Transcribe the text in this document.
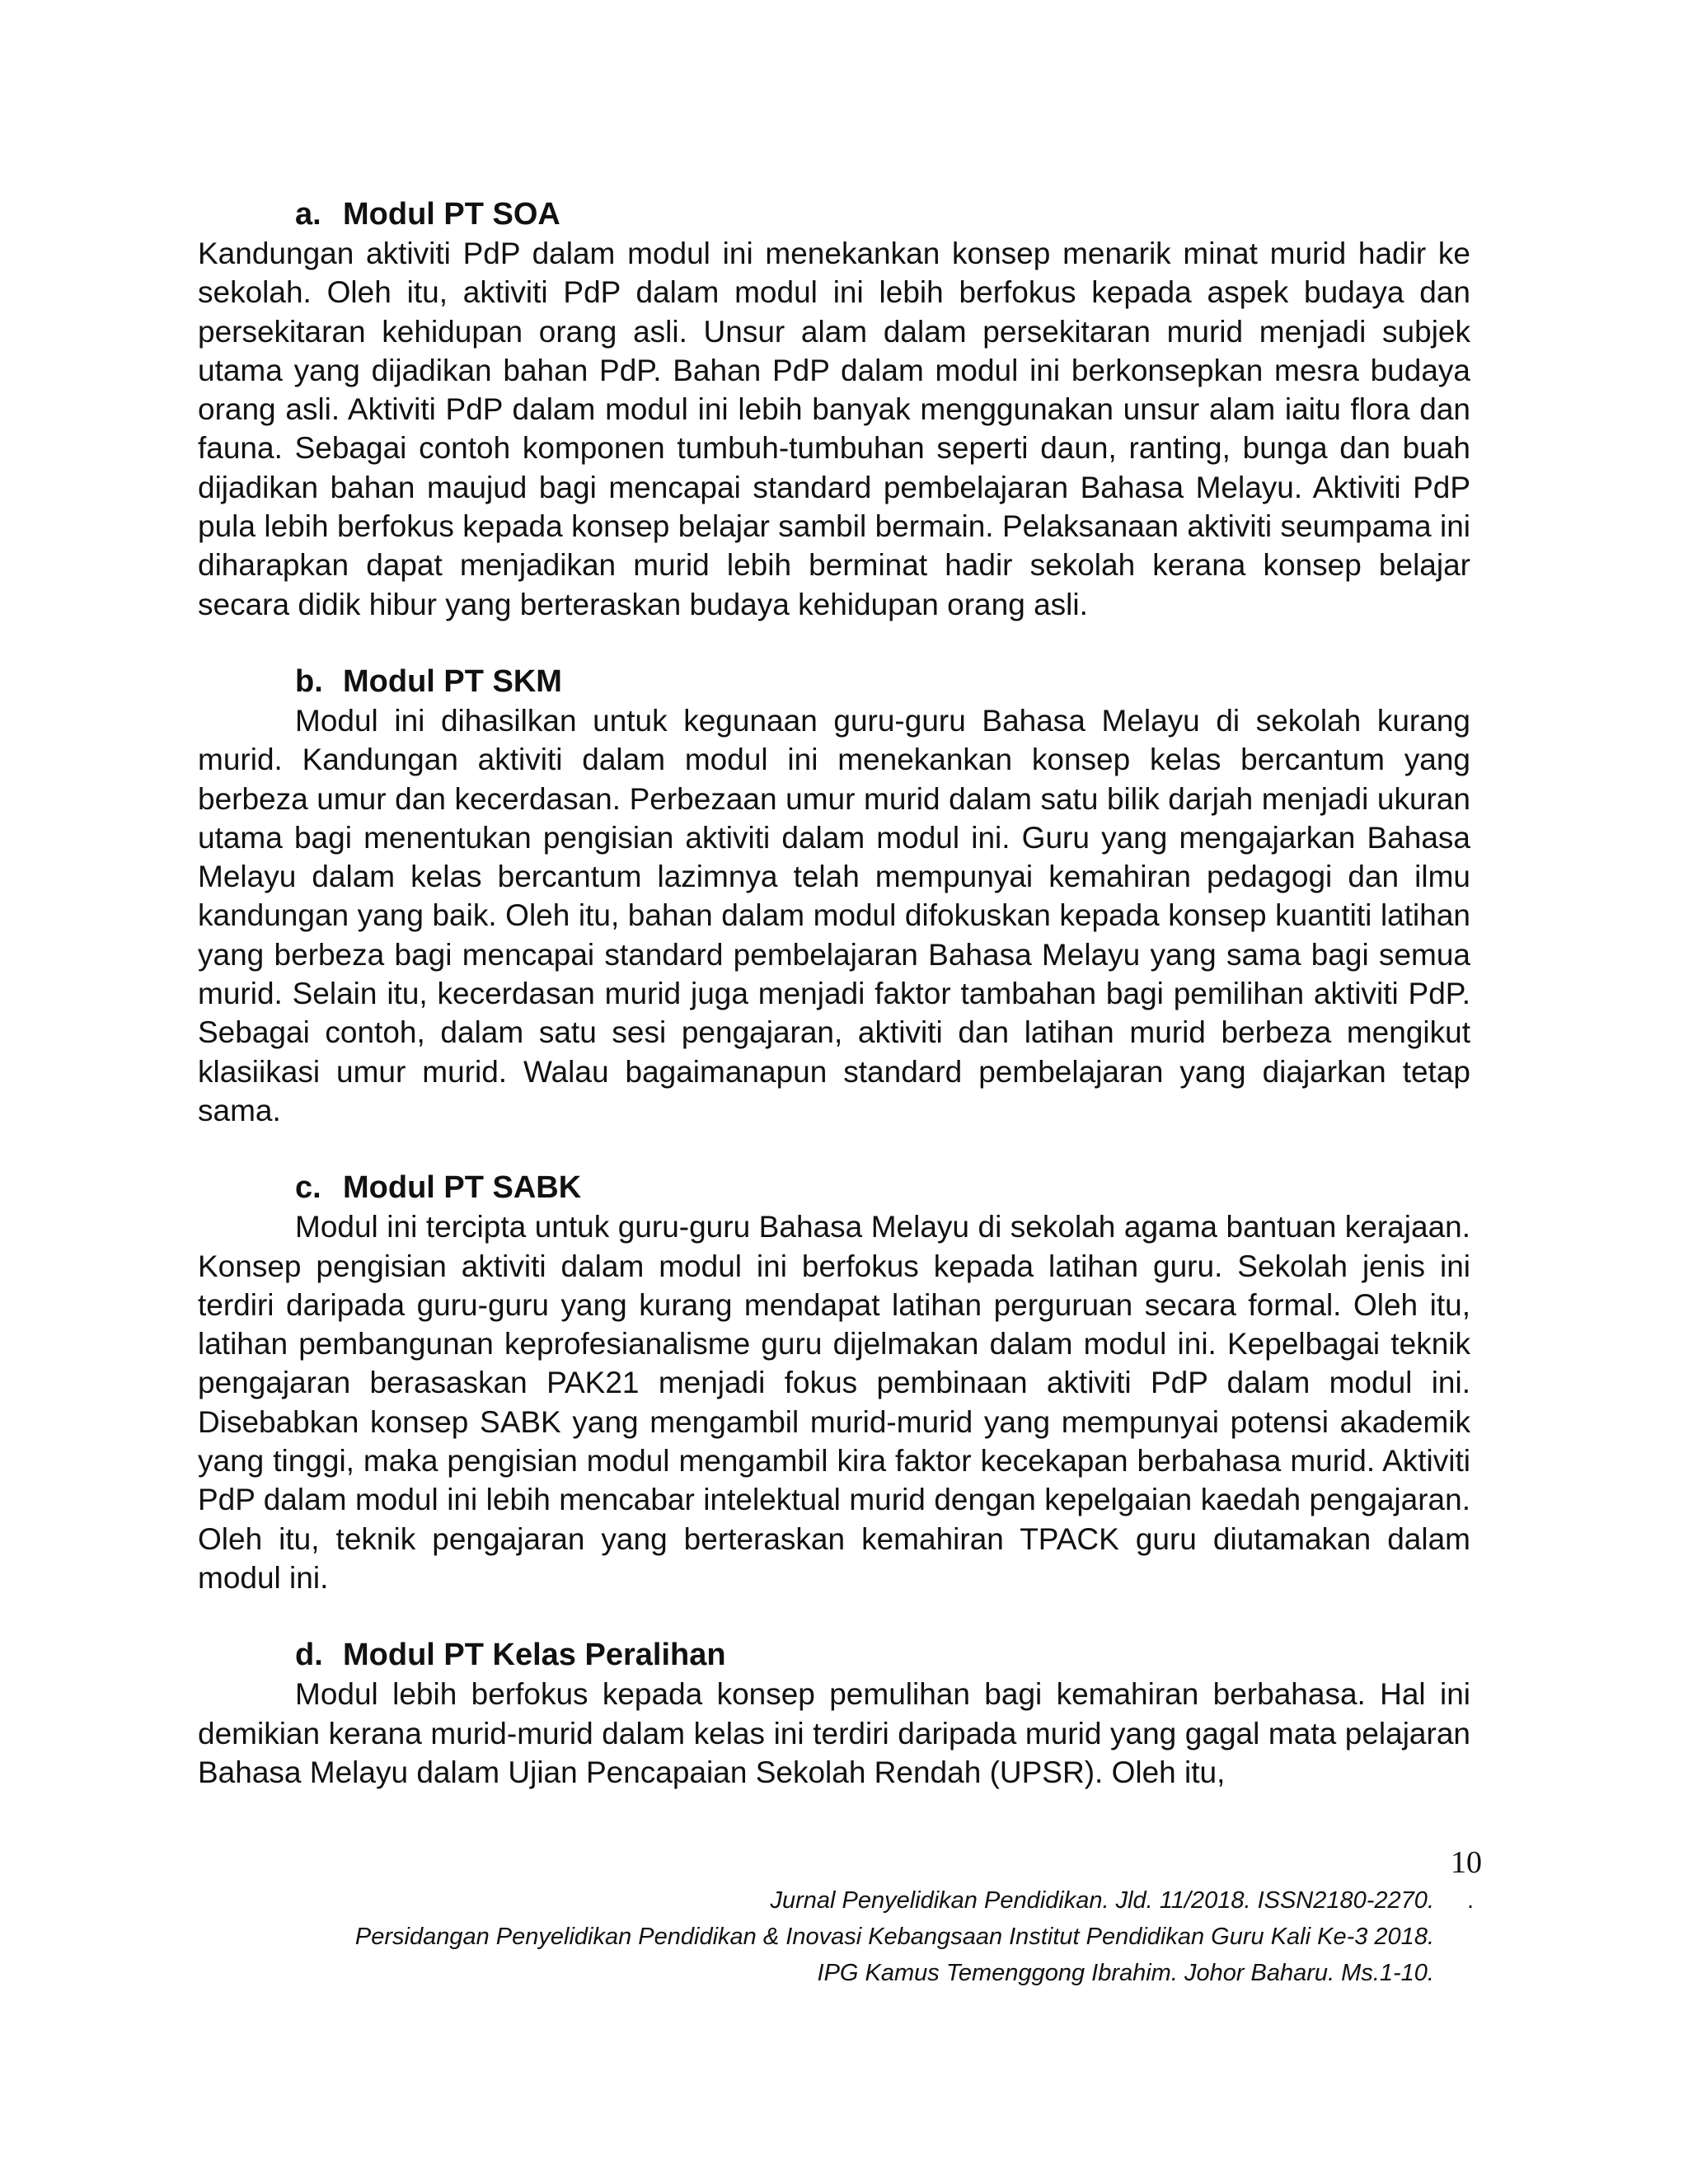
a. Modul PT SOA

Kandungan aktiviti PdP dalam modul ini menekankan konsep menarik minat murid hadir ke sekolah. Oleh itu, aktiviti PdP dalam modul ini lebih berfokus kepada aspek budaya dan persekitaran kehidupan orang asli. Unsur alam dalam persekitaran murid menjadi subjek utama yang dijadikan bahan PdP. Bahan PdP dalam modul ini berkonsepkan mesra budaya orang asli. Aktiviti PdP dalam modul ini lebih banyak menggunakan unsur alam iaitu flora dan fauna. Sebagai contoh komponen tumbuh-tumbuhan seperti daun, ranting, bunga dan buah dijadikan bahan maujud bagi mencapai standard pembelajaran Bahasa Melayu. Aktiviti PdP pula lebih berfokus kepada konsep belajar sambil bermain. Pelaksanaan aktiviti seumpama ini diharapkan dapat menjadikan murid lebih berminat hadir sekolah kerana konsep belajar secara didik hibur yang berteraskan budaya kehidupan orang asli.

b. Modul PT SKM

Modul ini dihasilkan untuk kegunaan guru-guru Bahasa Melayu di sekolah kurang murid. Kandungan aktiviti dalam modul ini menekankan konsep kelas bercantum yang berbeza umur dan kecerdasan. Perbezaan umur murid dalam satu bilik darjah menjadi ukuran utama bagi menentukan pengisian aktiviti dalam modul ini. Guru yang mengajarkan Bahasa Melayu dalam kelas bercantum lazimnya telah mempunyai kemahiran pedagogi dan ilmu kandungan yang baik. Oleh itu, bahan dalam modul difokuskan kepada konsep kuantiti latihan yang berbeza bagi mencapai standard pembelajaran Bahasa Melayu yang sama bagi semua murid. Selain itu, kecerdasan murid juga menjadi faktor tambahan bagi pemilihan aktiviti PdP. Sebagai contoh, dalam satu sesi pengajaran, aktiviti dan latihan murid berbeza mengikut klasiikasi umur murid. Walau bagaimanapun standard pembelajaran yang diajarkan tetap sama.

c. Modul PT SABK

Modul ini tercipta untuk guru-guru Bahasa Melayu di sekolah agama bantuan kerajaan. Konsep pengisian aktiviti dalam modul ini berfokus kepada latihan guru. Sekolah jenis ini terdiri daripada guru-guru yang kurang mendapat latihan perguruan secara formal. Oleh itu, latihan pembangunan keprofesianalisme guru dijelmakan dalam modul ini. Kepelbagai teknik pengajaran berasaskan PAK21 menjadi fokus pembinaan aktiviti PdP dalam modul ini. Disebabkan konsep SABK yang mengambil murid-murid yang mempunyai potensi akademik yang tinggi, maka pengisian modul mengambil kira faktor kecekapan berbahasa murid. Aktiviti PdP dalam modul ini lebih mencabar intelektual murid dengan kepelgaian kaedah pengajaran. Oleh itu, teknik pengajaran yang berteraskan kemahiran TPACK guru diutamakan dalam modul ini.

d. Modul PT Kelas Peralihan

Modul lebih berfokus kepada konsep pemulihan bagi kemahiran berbahasa. Hal ini demikian kerana murid-murid dalam kelas ini terdiri daripada murid yang gagal mata pelajaran Bahasa Melayu dalam Ujian Pencapaian Sekolah Rendah (UPSR). Oleh itu,

10
Jurnal Penyelidikan Pendidikan. Jld. 11/2018. ISSN2180-2270.
Persidangan Penyelidikan Pendidikan & Inovasi Kebangsaan Institut Pendidikan Guru Kali Ke-3 2018.
IPG Kamus Temenggong Ibrahim. Johor Baharu. Ms.1-10.
.
